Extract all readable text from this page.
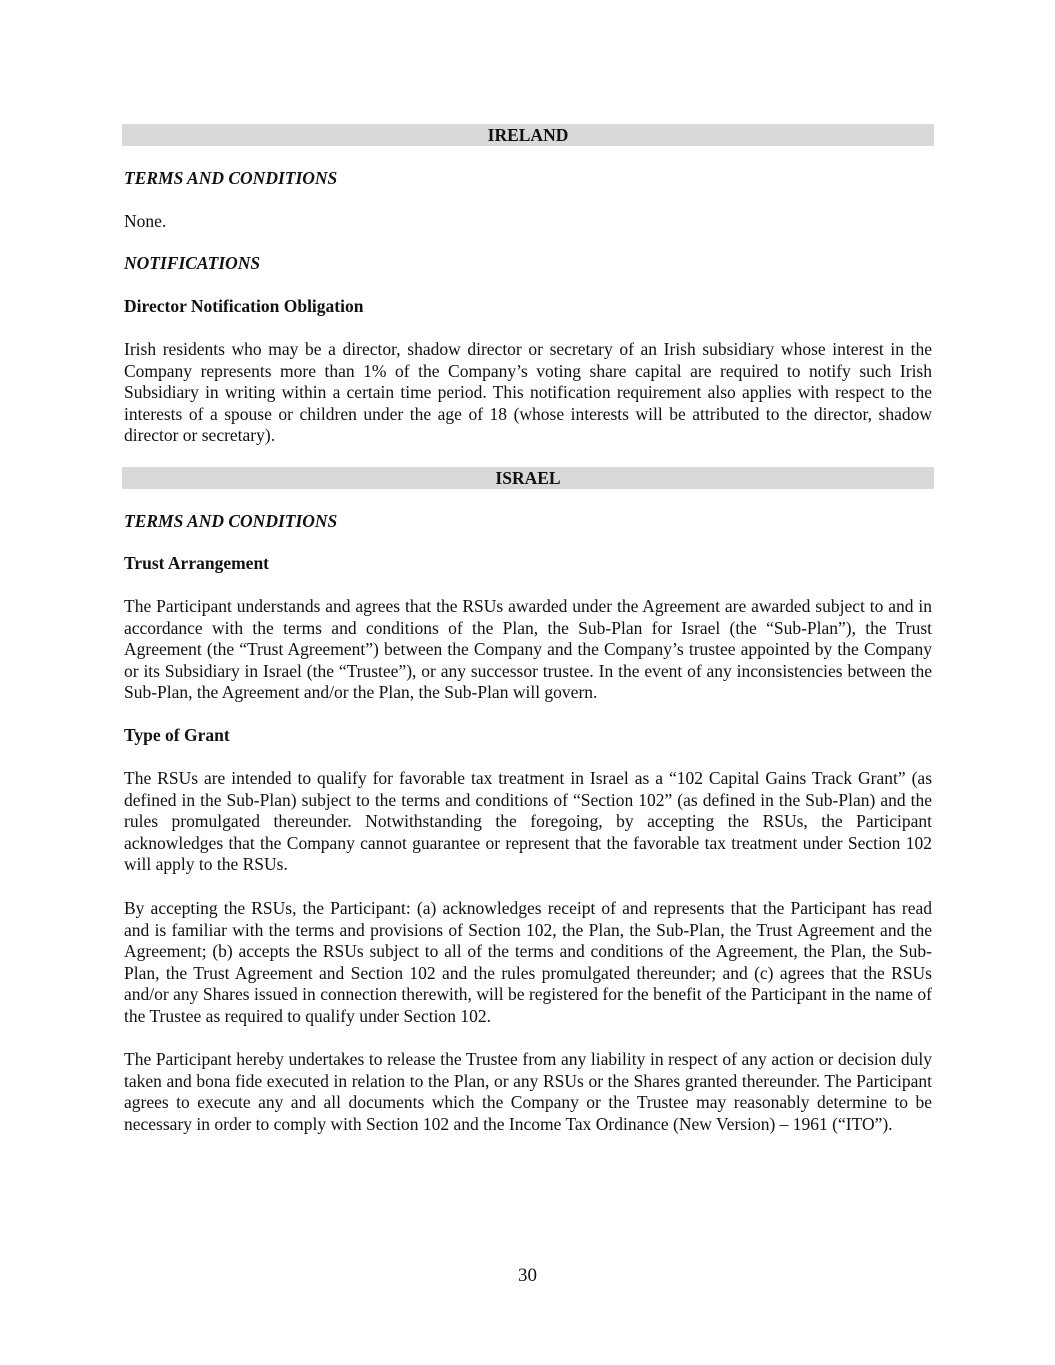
IRELAND

TERMS AND CONDITIONS

None.

NOTIFICATIONS

Director Notification Obligation

Irish residents who may be a director, shadow director or secretary of an Irish subsidiary whose interest in the Company represents more than 1% of the Company’s voting share capital are required to notify such Irish Subsidiary in writing within a certain time period. This notification requirement also applies with respect to the interests of a spouse or children under the age of 18 (whose interests will be attributed to the director, shadow director or secretary).

ISRAEL

TERMS AND CONDITIONS

Trust Arrangement

The Participant understands and agrees that the RSUs awarded under the Agreement are awarded subject to and in accordance with the terms and conditions of the Plan, the Sub-Plan for Israel (the “Sub-Plan”), the Trust Agreement (the “Trust Agreement”) between the Company and the Company’s trustee appointed by the Company or its Subsidiary in Israel (the “Trustee”), or any successor trustee. In the event of any inconsistencies between the Sub-Plan, the Agreement and/or the Plan, the Sub-Plan will govern.

Type of Grant

The RSUs are intended to qualify for favorable tax treatment in Israel as a “102 Capital Gains Track Grant” (as defined in the Sub-Plan) subject to the terms and conditions of “Section 102” (as defined in the Sub-Plan) and the rules promulgated thereunder. Notwithstanding the foregoing, by accepting the RSUs, the Participant acknowledges that the Company cannot guarantee or represent that the favorable tax treatment under Section 102 will apply to the RSUs.

By accepting the RSUs, the Participant: (a) acknowledges receipt of and represents that the Participant has read and is familiar with the terms and provisions of Section 102, the Plan, the Sub-Plan, the Trust Agreement and the Agreement; (b) accepts the RSUs subject to all of the terms and conditions of the Agreement, the Plan, the Sub-Plan, the Trust Agreement and Section 102 and the rules promulgated thereunder; and (c) agrees that the RSUs and/or any Shares issued in connection therewith, will be registered for the benefit of the Participant in the name of the Trustee as required to qualify under Section 102.

The Participant hereby undertakes to release the Trustee from any liability in respect of any action or decision duly taken and bona fide executed in relation to the Plan, or any RSUs or the Shares granted thereunder. The Participant agrees to execute any and all documents which the Company or the Trustee may reasonably determine to be necessary in order to comply with Section 102 and the Income Tax Ordinance (New Version) – 1961 (“ITO”).

30
